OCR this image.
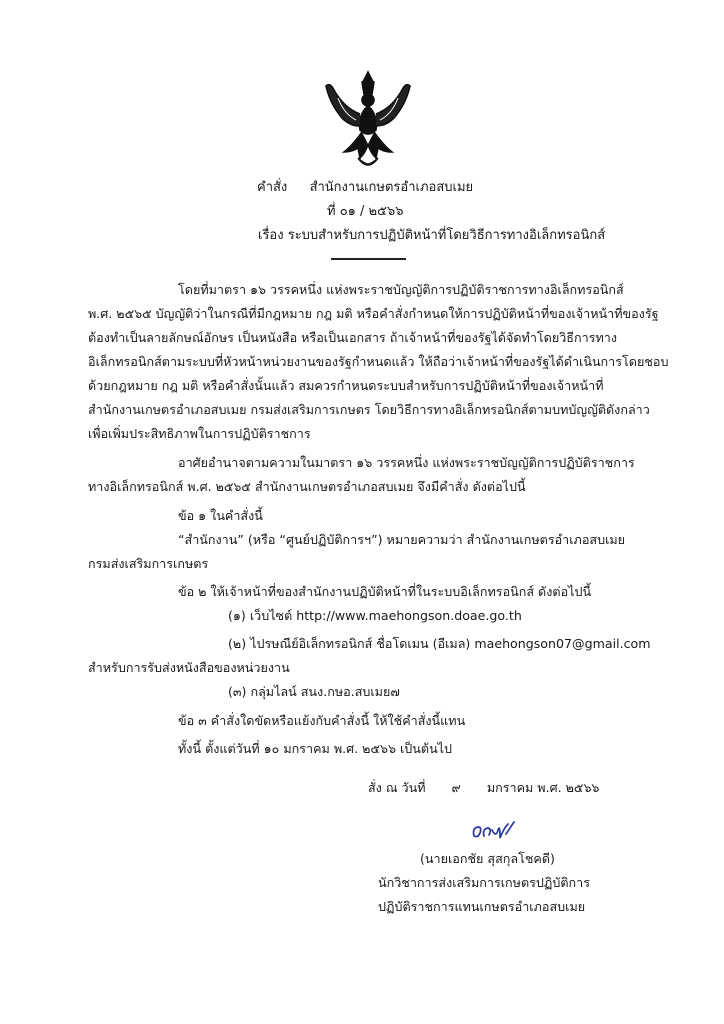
คำสั่ง สำนักงานเกษตรอำเภอสบเมย
ที่ ๐๑ / ๒๕๖๖
เรื่อง ระบบสำหรับการปฏิบัติหน้าที่โดยวิธีการทางอิเล็กทรอนิกส์
โดยที่มาตรา ๑๖ วรรคหนึ่ง แห่งพระราชบัญญัติการปฏิบัติราชการทางอิเล็กทรอนิกส์
พ.ศ. ๒๕๖๕ บัญญัติว่าในกรณีที่มีกฎหมาย กฎ มติ หรือคำสั่งกำหนดให้การปฏิบัติหน้าที่ของเจ้าหน้าที่ของรัฐ
ต้องทำเป็นลายลักษณ์อักษร เป็นหนังสือ หรือเป็นเอกสาร ถ้าเจ้าหน้าที่ของรัฐได้จัดทำโดยวิธีการทาง
อิเล็กทรอนิกส์ตามระบบที่หัวหน้าหน่วยงานของรัฐกำหนดแล้ว ให้ถือว่าเจ้าหน้าที่ของรัฐได้ดำเนินการโดยชอบ
ด้วยกฎหมาย กฎ มติ หรือคำสั่งนั้นแล้ว สมควรกำหนดระบบสำหรับการปฏิบัติหน้าที่ของเจ้าหน้าที่
สำนักงานเกษตรอำเภอสบเมย กรมส่งเสริมการเกษตร โดยวิธีการทางอิเล็กทรอนิกส์ตามบทบัญญัติดังกล่าว
เพื่อเพิ่มประสิทธิภาพในการปฏิบัติราชการ
อาศัยอำนาจตามความในมาตรา ๑๖ วรรคหนึ่ง แห่งพระราชบัญญัติการปฏิบัติราชการ
ทางอิเล็กทรอนิกส์ พ.ศ. ๒๕๖๕ สำนักงานเกษตรอำเภอสบเมย จึงมีคำสั่ง ดังต่อไปนี้
ข้อ ๑ ในคำสั่งนี้
“สำนักงาน” (หรือ “ศูนย์ปฏิบัติการฯ”) หมายความว่า สำนักงานเกษตรอำเภอสบเมย
กรมส่งเสริมการเกษตร
ข้อ ๒ ให้เจ้าหน้าที่ของสำนักงานปฏิบัติหน้าที่ในระบบอิเล็กทรอนิกส์ ดังต่อไปนี้
(๑) เว็บไซต์ http://www.maehongson.doae.go.th
(๒) ไปรษณีย์อิเล็กทรอนิกส์ ชื่อโดเมน (อีเมล) maehongson07@gmail.com
สำหรับการรับส่งหนังสือของหน่วยงาน
(๓) กลุ่มไลน์ สนง.กษอ.สบเมย๗
ข้อ ๓ คำสั่งใดขัดหรือแย้งกับคำสั่งนี้ ให้ใช้คำสั่งนี้แทน
ทั้งนี้ ตั้งแต่วันที่ ๑๐ มกราคม พ.ศ. ๒๕๖๖ เป็นต้นไป
สั่ง ณ วันที่ ๙ มกราคม พ.ศ. ๒๕๖๖
(นายเอกชัย สุสกุลโชคดี)
นักวิชาการส่งเสริมการเกษตรปฏิบัติการ
ปฏิบัติราชการแทนเกษตรอำเภอสบเมย
